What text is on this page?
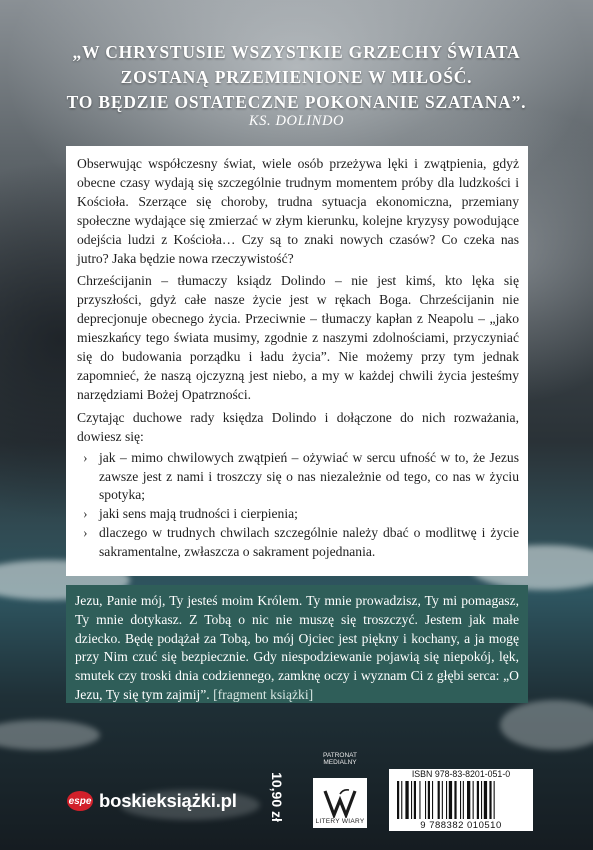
„W CHRYSTUSIE WSZYSTKIE GRZECHY ŚWIATA
ZOSTANĄ PRZEMIENIONE W MIŁOŚĆ.
TO BĘDZIE OSTATECZNE POKONANIE SZATANA”.
KS. DOLINDO

Obserwując współczesny świat, wiele osób przeżywa lęki i zwątpienia, gdyż obecne czasy wydają się szczególnie trudnym momentem próby dla ludzkości i Kościoła. Szerzące się choroby, trudna sytuacja ekonomiczna, przemiany społeczne wydające się zmierzać w złym kierunku, kolejne kryzysy powodujące odejścia ludzi z Kościoła… Czy są to znaki nowych czasów? Co czeka nas jutro? Jaka będzie nowa rzeczywistość?

Chrześcijanin – tłumaczy ksiądz Dolindo – nie jest kimś, kto lęka się przyszłości, gdyż całe nasze życie jest w rękach Boga. Chrześcijanin nie deprecjonuje obecnego życia. Przeciwnie – tłumaczy kapłan z Neapolu – „jako mieszkańcy tego świata musimy, zgodnie z naszymi zdolnościami, przyczyniać się do budowania porządku i ładu życia”. Nie możemy przy tym jednak zapomnieć, że naszą ojczyzną jest niebo, a my w każdej chwili życia jesteśmy narzędziami Bożej Opatrzności.

Czytając duchowe rady księdza Dolindo i dołączone do nich rozważania, dowiesz się:

› jak – mimo chwilowych zwątpień – ożywiać w sercu ufność w to, że Jezus zawsze jest z nami i troszczy się o nas niezależnie od tego, co nas w życiu spotyka;
› jaki sens mają trudności i cierpienia;
› dlaczego w trudnych chwilach szczególnie należy dbać o modlitwę i życie sakramentalne, zwłaszcza o sakrament pojednania.
Jezu, Panie mój, Ty jesteś moim Królem. Ty mnie prowadzisz, Ty mi pomagasz, Ty mnie dotykasz. Z Tobą o nic nie muszę się troszczyć. Jestem jak małe dziecko. Będę podążał za Tobą, bo mój Ojciec jest piękny i kochany, a ja mogę przy Nim czuć się bezpiecznie. Gdy niespodziewanie pojawią się niepokój, lęk, smutek czy troski dnia codziennego, zamknę oczy i wyznam Ci z głębi serca: „O Jezu, Ty się tym zajmij”. [fragment książki]
espe boskieksiążki.pl 10,90 zł
PATRONAT
MEDIALNY
LITERY WIARY
ISBN 978-83-8201-051-0
9 788382 010510
